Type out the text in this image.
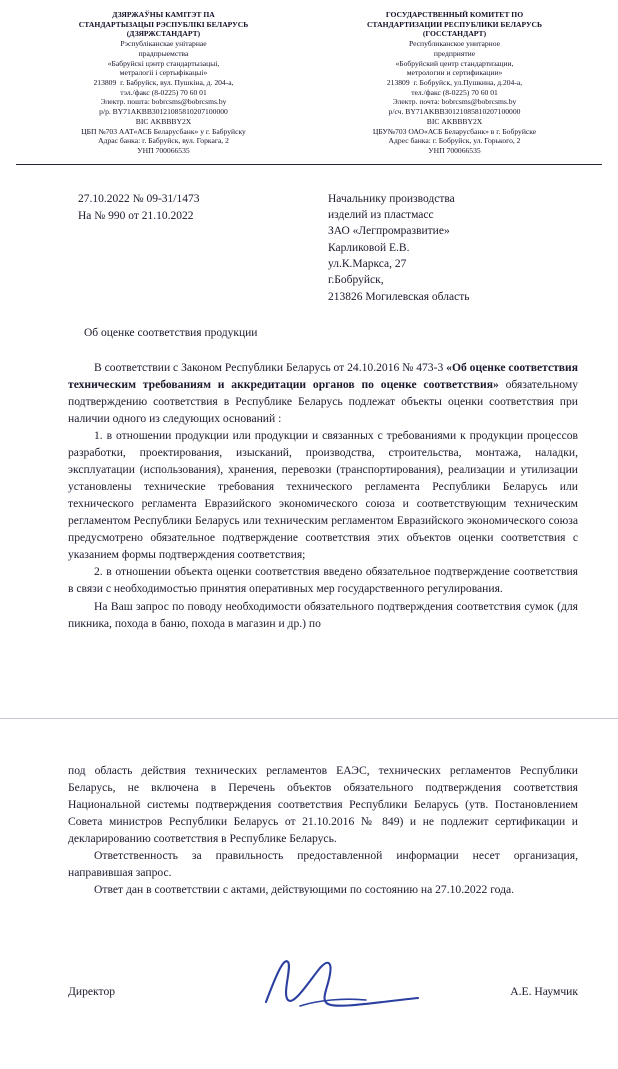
ДЗЯРЖАЎНЫ КАМІТЭТ ПА
СТАНДАРТЫЗАЦЫІ РЭСПУБЛІКІ БЕЛАРУСЬ
(ДЗЯРЖСТАНДАРТ)
Рэспубліканскае унітарнае
прадпрыемства
«Бабруйскі цэнтр стандартызацыі,
метралогіі і сертыфікацыі»
213809  г. Бабруйск, вул. Пушкіна, д. 204-а,
тэл./факс (8-0225) 70 60 01
Электр. пошта: bobrcsms@bobrcsms.by
р/р. BY71AKBB30121085810207100000
ВIС AKBBBY2X
ЦБП №703 ААТ«АСБ Беларусбанк» у г. Бабруйску
Адрас банка: г. Бабруйск, вул. Горкага, 2
УНП 700066535
ГОСУДАРСТВЕННЫЙ КОМИТЕТ ПО
СТАНДАРТИЗАЦИИ РЕСПУБЛИКИ БЕЛАРУСЬ
(ГОССТАНДАРТ)
Республиканское унитарное
предприятие
«Бобруйский центр стандартизации,
метрологии и сертификации»
213809  г. Бобруйск, ул.Пушкина, д.204-а,
тел./факс (8-0225) 70 60 01
Электр. почта: bobrcsms@bobrcsms.by
р/сч. BY71AKBB30121085810207100000
ВIС AKBBBY2X
ЦБУ№703 ОАО«АСБ Беларусбанк» в г. Бобруйске
Адрес банка: г. Бобруйск, ул. Горького, 2
УНП 700066535
27.10.2022 № 09-31/1473
На № 990 от 21.10.2022
Начальнику производства
изделий из пластмасс
ЗАО «Легпромразвитие»
Карликовой Е.В.
ул.К.Маркса, 27
г.Бобруйск,
213826 Могилевская область
Об оценке соответствия продукции

В соответствии с Законом Республики Беларусь от 24.10.2016 № 473-3 «Об оценке соответствия техническим требованиям и аккредитации органов по оценке соответствия» обязательному подтверждению соответствия в Республике Беларусь подлежат объекты оценки соответствия при наличии одного из следующих оснований :

1. в отношении продукции или продукции и связанных с требованиями к продукции процессов разработки, проектирования, изысканий, производства, строительства, монтажа, наладки, эксплуатации (использования), хранения, перевозки (транспортирования), реализации и утилизации установлены технические требования технического регламента Республики Беларусь или технического регламента Евразийского экономического союза и соответствующим техническим регламентом Республики Беларусь или техническим регламентом Евразийского экономического союза предусмотрено обязательное подтверждение соответствия этих объектов оценки соответствия с указанием формы подтверждения соответствия;

2. в отношении объекта оценки соответствия введено обязательное подтверждение соответствия в связи с необходимостью принятия оперативных мер государственного регулирования.

На Ваш запрос по поводу необходимости обязательного подтверждения соответствия сумок (для пикника, похода в баню, похода в магазин и др.) по

под область действия технических регламентов ЕАЭС, технических регламентов Республики Беларусь, не включена в Перечень объектов обязательного подтверждения соответствия Национальной системы подтверждения соответствия Республики Беларусь (утв. Постановлением Совета министров Республики Беларусь от 21.10.2016 № 849) и не подлежит сертификации и декларированию соответствия в Республике Беларусь.

Ответственность за правильность предоставленной информации несет организация, направившая запрос.

Ответ дан в соответствии с актами, действующими по состоянию на 27.10.2022 года.

Директор	А.Е. Наумчик
